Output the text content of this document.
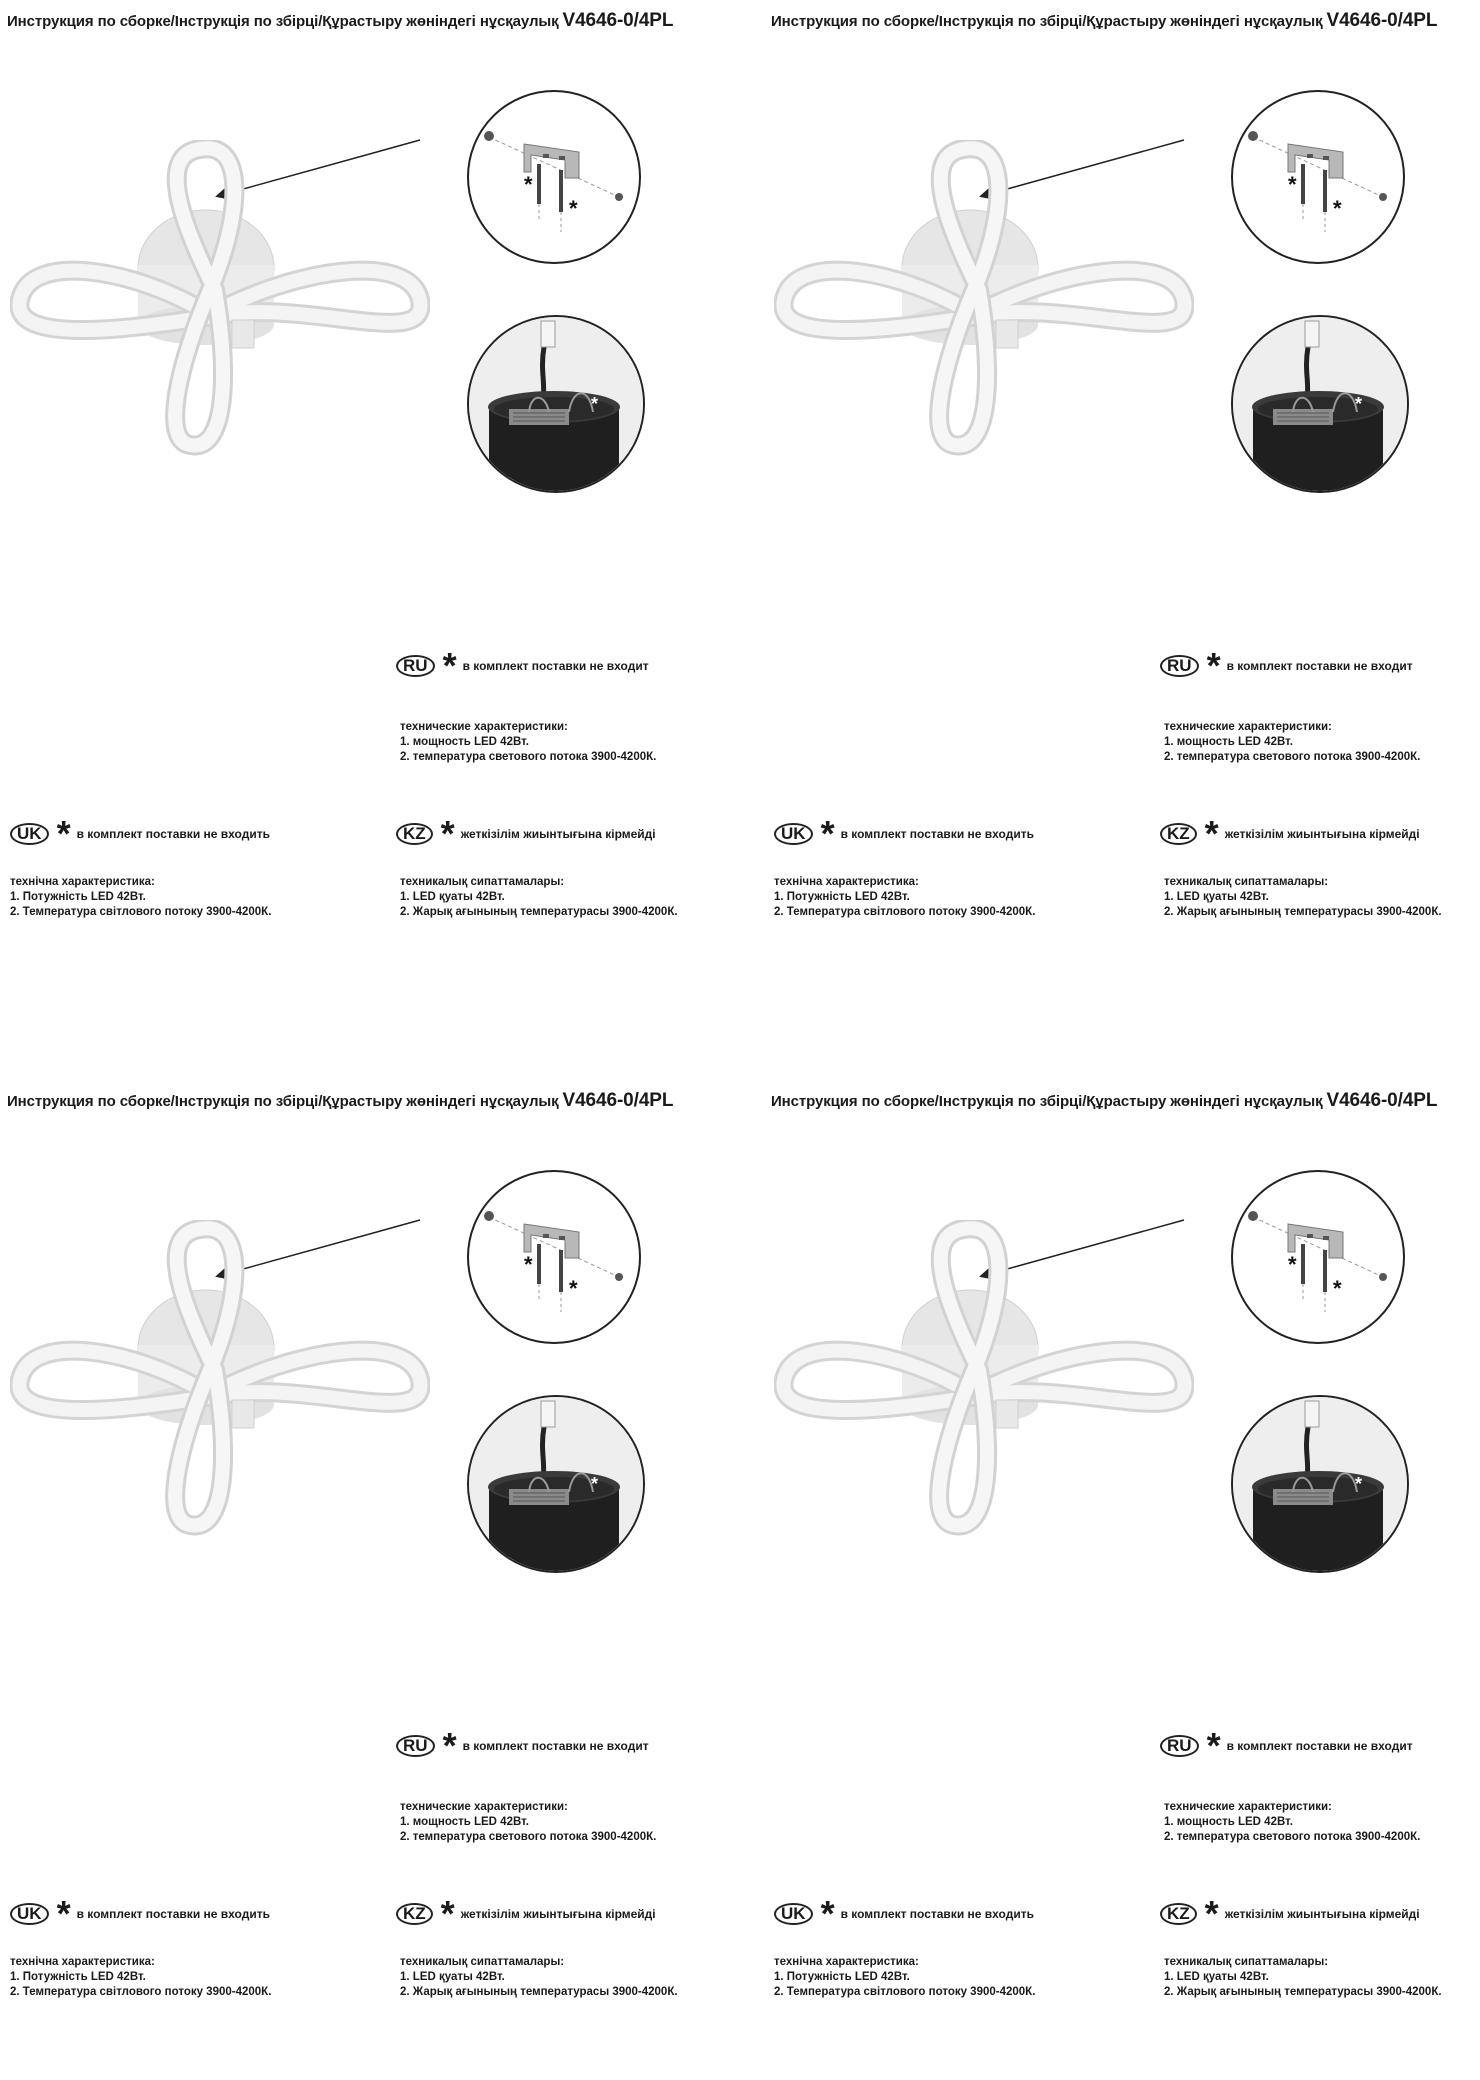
Инструкция по сборке/Інструкція по збірці/Құрастыру жөніндегі нұсқаулық V4646-0/4PL
*
*
*
RU * в комплект поставки не входит
технические характеристики:
1. мощность LED 42Вт.
2. температура светового потока 3900-4200К.
UK * в комплект поставки не входить
технічна характеристика:
1. Потужність LED 42Вт.
2. Температура світлового потоку 3900-4200К.
KZ * жеткізілім жиынтығына кірмейді
техникалық сипаттамалары:
1. LED қуаты 42Вт.
2. Жарық ағынының температурасы 3900-4200К.
Инструкция по сборке/Інструкція по збірці/Құрастыру жөніндегі нұсқаулық V4646-0/4PL
*
*
*
RU * в комплект поставки не входит
технические характеристики:
1. мощность LED 42Вт.
2. температура светового потока 3900-4200К.
UK * в комплект поставки не входить
технічна характеристика:
1. Потужність LED 42Вт.
2. Температура світлового потоку 3900-4200К.
KZ * жеткізілім жиынтығына кірмейді
техникалық сипаттамалары:
1. LED қуаты 42Вт.
2. Жарық ағынының температурасы 3900-4200К.
Инструкция по сборке/Інструкція по збірці/Құрастыру жөніндегі нұсқаулық V4646-0/4PL
*
*
*
RU * в комплект поставки не входит
технические характеристики:
1. мощность LED 42Вт.
2. температура светового потока 3900-4200К.
UK * в комплект поставки не входить
технічна характеристика:
1. Потужність LED 42Вт.
2. Температура світлового потоку 3900-4200К.
KZ * жеткізілім жиынтығына кірмейді
техникалық сипаттамалары:
1. LED қуаты 42Вт.
2. Жарық ағынының температурасы 3900-4200К.
Инструкция по сборке/Інструкція по збірці/Құрастыру жөніндегі нұсқаулық V4646-0/4PL
*
*
*
RU * в комплект поставки не входит
технические характеристики:
1. мощность LED 42Вт.
2. температура светового потока 3900-4200К.
UK * в комплект поставки не входить
технічна характеристика:
1. Потужність LED 42Вт.
2. Температура світлового потоку 3900-4200К.
KZ * жеткізілім жиынтығына кірмейді
техникалық сипаттамалары:
1. LED қуаты 42Вт.
2. Жарық ағынының температурасы 3900-4200К.
